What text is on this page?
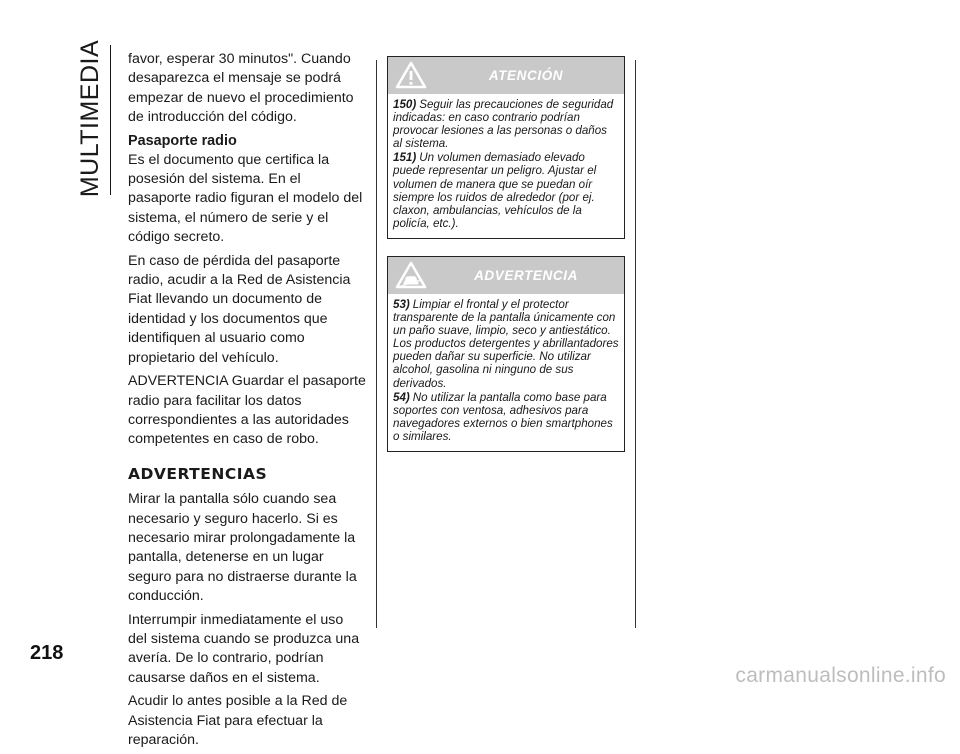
MULTIMEDIA favor, esperar 30 minutos". Cuando desaparezca el mensaje se podrá empezar de nuevo el procedimiento de introducción del código.

Pasaporte radio

Es el documento que certifica la posesión del sistema. En el pasaporte radio figuran el modelo del sistema, el número de serie y el código secreto.

En caso de pérdida del pasaporte radio, acudir a la Red de Asistencia Fiat llevando un documento de identidad y los documentos que identifiquen al usuario como propietario del vehículo.

ADVERTENCIA Guardar el pasaporte radio para facilitar los datos correspondientes a las autoridades competentes en caso de robo.

ADVERTENCIAS

Mirar la pantalla sólo cuando sea necesario y seguro hacerlo. Si es necesario mirar prolongadamente la pantalla, detenerse en un lugar seguro para no distraerse durante la conducción.

Interrumpir inmediatamente el uso del sistema cuando se produzca una avería. De lo contrario, podrían causarse daños en el sistema.

Acudir lo antes posible a la Red de Asistencia Fiat para efectuar la reparación.

ATENCIÓN

150) Seguir las precauciones de seguridad indicadas: en caso contrario podrían provocar lesiones a las personas o daños al sistema.

151) Un volumen demasiado elevado puede representar un peligro. Ajustar el volumen de manera que se puedan oír siempre los ruidos de alrededor (por ej. claxon, ambulancias, vehículos de la policía, etc.).

ADVERTENCIA

53) Limpiar el frontal y el protector transparente de la pantalla únicamente con un paño suave, limpio, seco y antiestático. Los productos detergentes y abrillantadores pueden dañar su superficie. No utilizar alcohol, gasolina ni ninguno de sus derivados.

54) No utilizar la pantalla como base para soportes con ventosa, adhesivos para navegadores externos o bien smartphones o similares.

218
carmanualsonline.info
